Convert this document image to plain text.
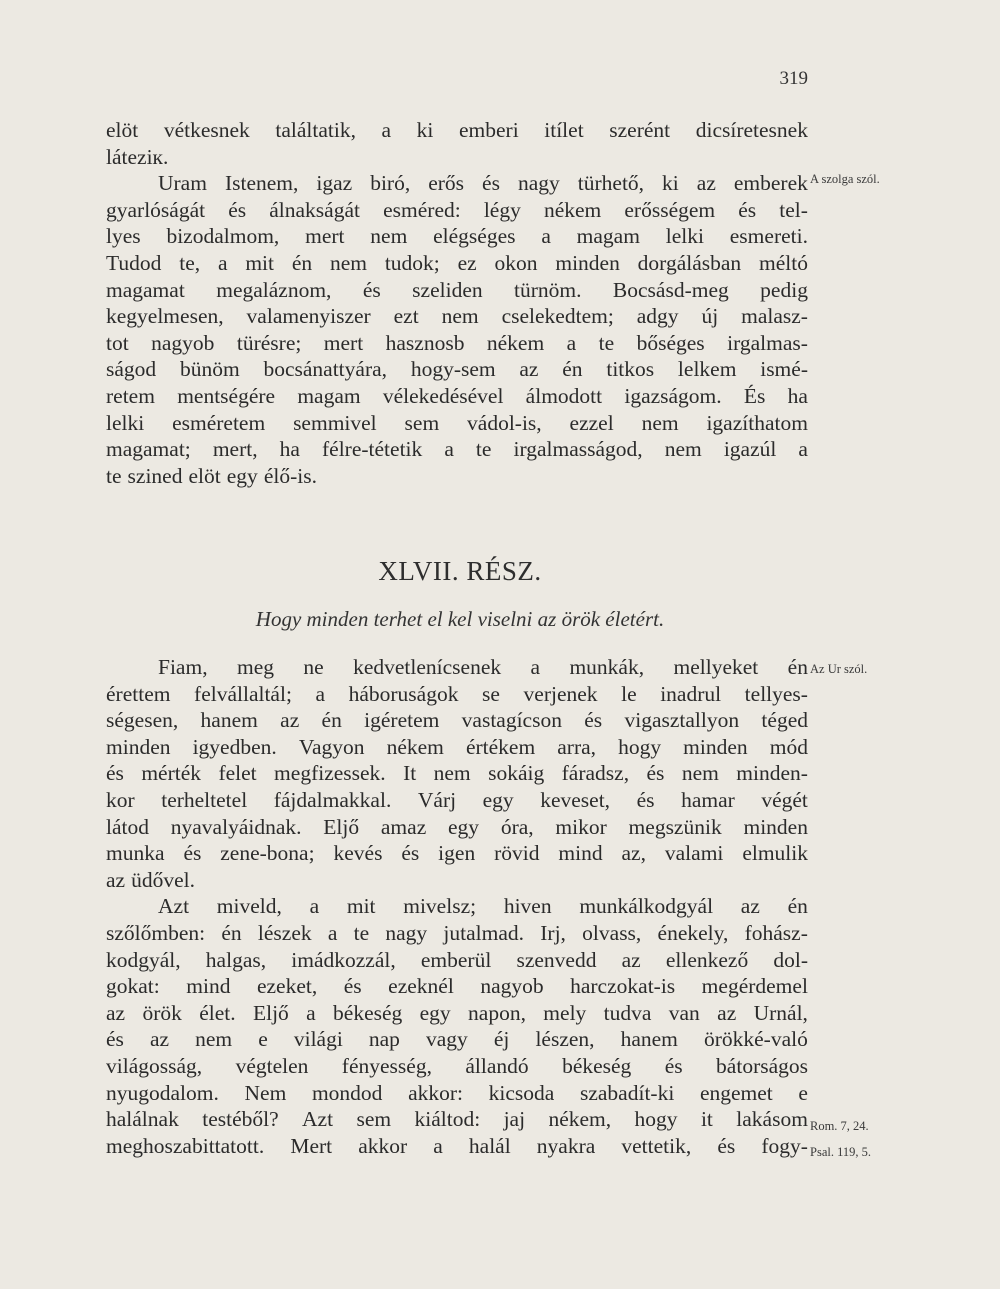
319
elöt vétkesnek találtatik, a ki emberi itílet szerént dicsíretesnek
láteziк.
Uram Istenem, igaz biró, erős és nagy türhető, ki az emberek
gyarlóságát és álnakságát esméred: légy nékem erősségem és tel-
lyes bizodalmom, mert nem elégséges a magam lelki esmereti.
Tudod te, a mit én nem tudok; ez okon minden dorgálásban méltó
magamat megaláznom, és szeliden türnöm. Bocsásd-meg pedig
kegyelmesen, valamenyiszer ezt nem cselekedtem; adgy új malasz-
tot nagyob türésre; mert hasznosb nékem a te bőséges irgalmas-
ságod bünöm bocsánattyára, hogy-sem az én titkos lelkem ismé-
retem mentségére magam vélekedésével álmodott igazságom. És ha
lelki esméretem semmivel sem vádol-is, ezzel nem igazíthatom
magamat; mert, ha félre-tétetik a te irgalmasságod, nem igazúl a
te szined elöt egy élő-is.
XLVII. RÉSZ.
Hogy minden terhet el kel viselni az örök életért.
Fiam, meg ne kedvetlenícsenek a munkák, mellyeket én
érettem felvállaltál; a háboruságok se verjenek le inadrul tellyes-
ségesen, hanem az én igéretem vastagícson és vigasztallyon téged
minden igyedben. Vagyon nékem értékem arra, hogy minden mód
és mérték felet megfizessek. It nem sokáig fáradsz, és nem minden-
kor terheltetel fájdalmakkal. Várj egy keveset, és hamar végét
látod nyavalyáidnak. Eljő amaz egy óra, mikor megszünik minden
munka és zene-bona; kevés és igen rövid mind az, valami elmulik
az üdővel.
Azt miveld, a mit mivelsz; hiven munkálkodgyál az én
szőlőmben: én lészek a te nagy jutalmad. Irj, olvass, énekely, fohász-
kodgyál, halgas, imádkozzál, emberül szenvedd az ellenkező dol-
gokat: mind ezeket, és ezeknél nagyob harczokat-is megérdemel
az örök élet. Eljő a békeség egy napon, mely tudva van az Urnál,
és az nem e világi nap vagy éj lészen, hanem örökké-való
világosság, végtelen fényesség, állandó békeség és bátorságos
nyugodalom. Nem mondod akkor: kicsoda szabadít-ki engemet e
halálnak testéből? Azt sem kiáltod: jaj nékem, hogy it lakásom
meghoszabittatott. Mert akkor a halál nyakra vettetik, és fogy-
A szolga szól.
Az Ur szól.
Rom. 7, 24.
Psal. 119, 5.
